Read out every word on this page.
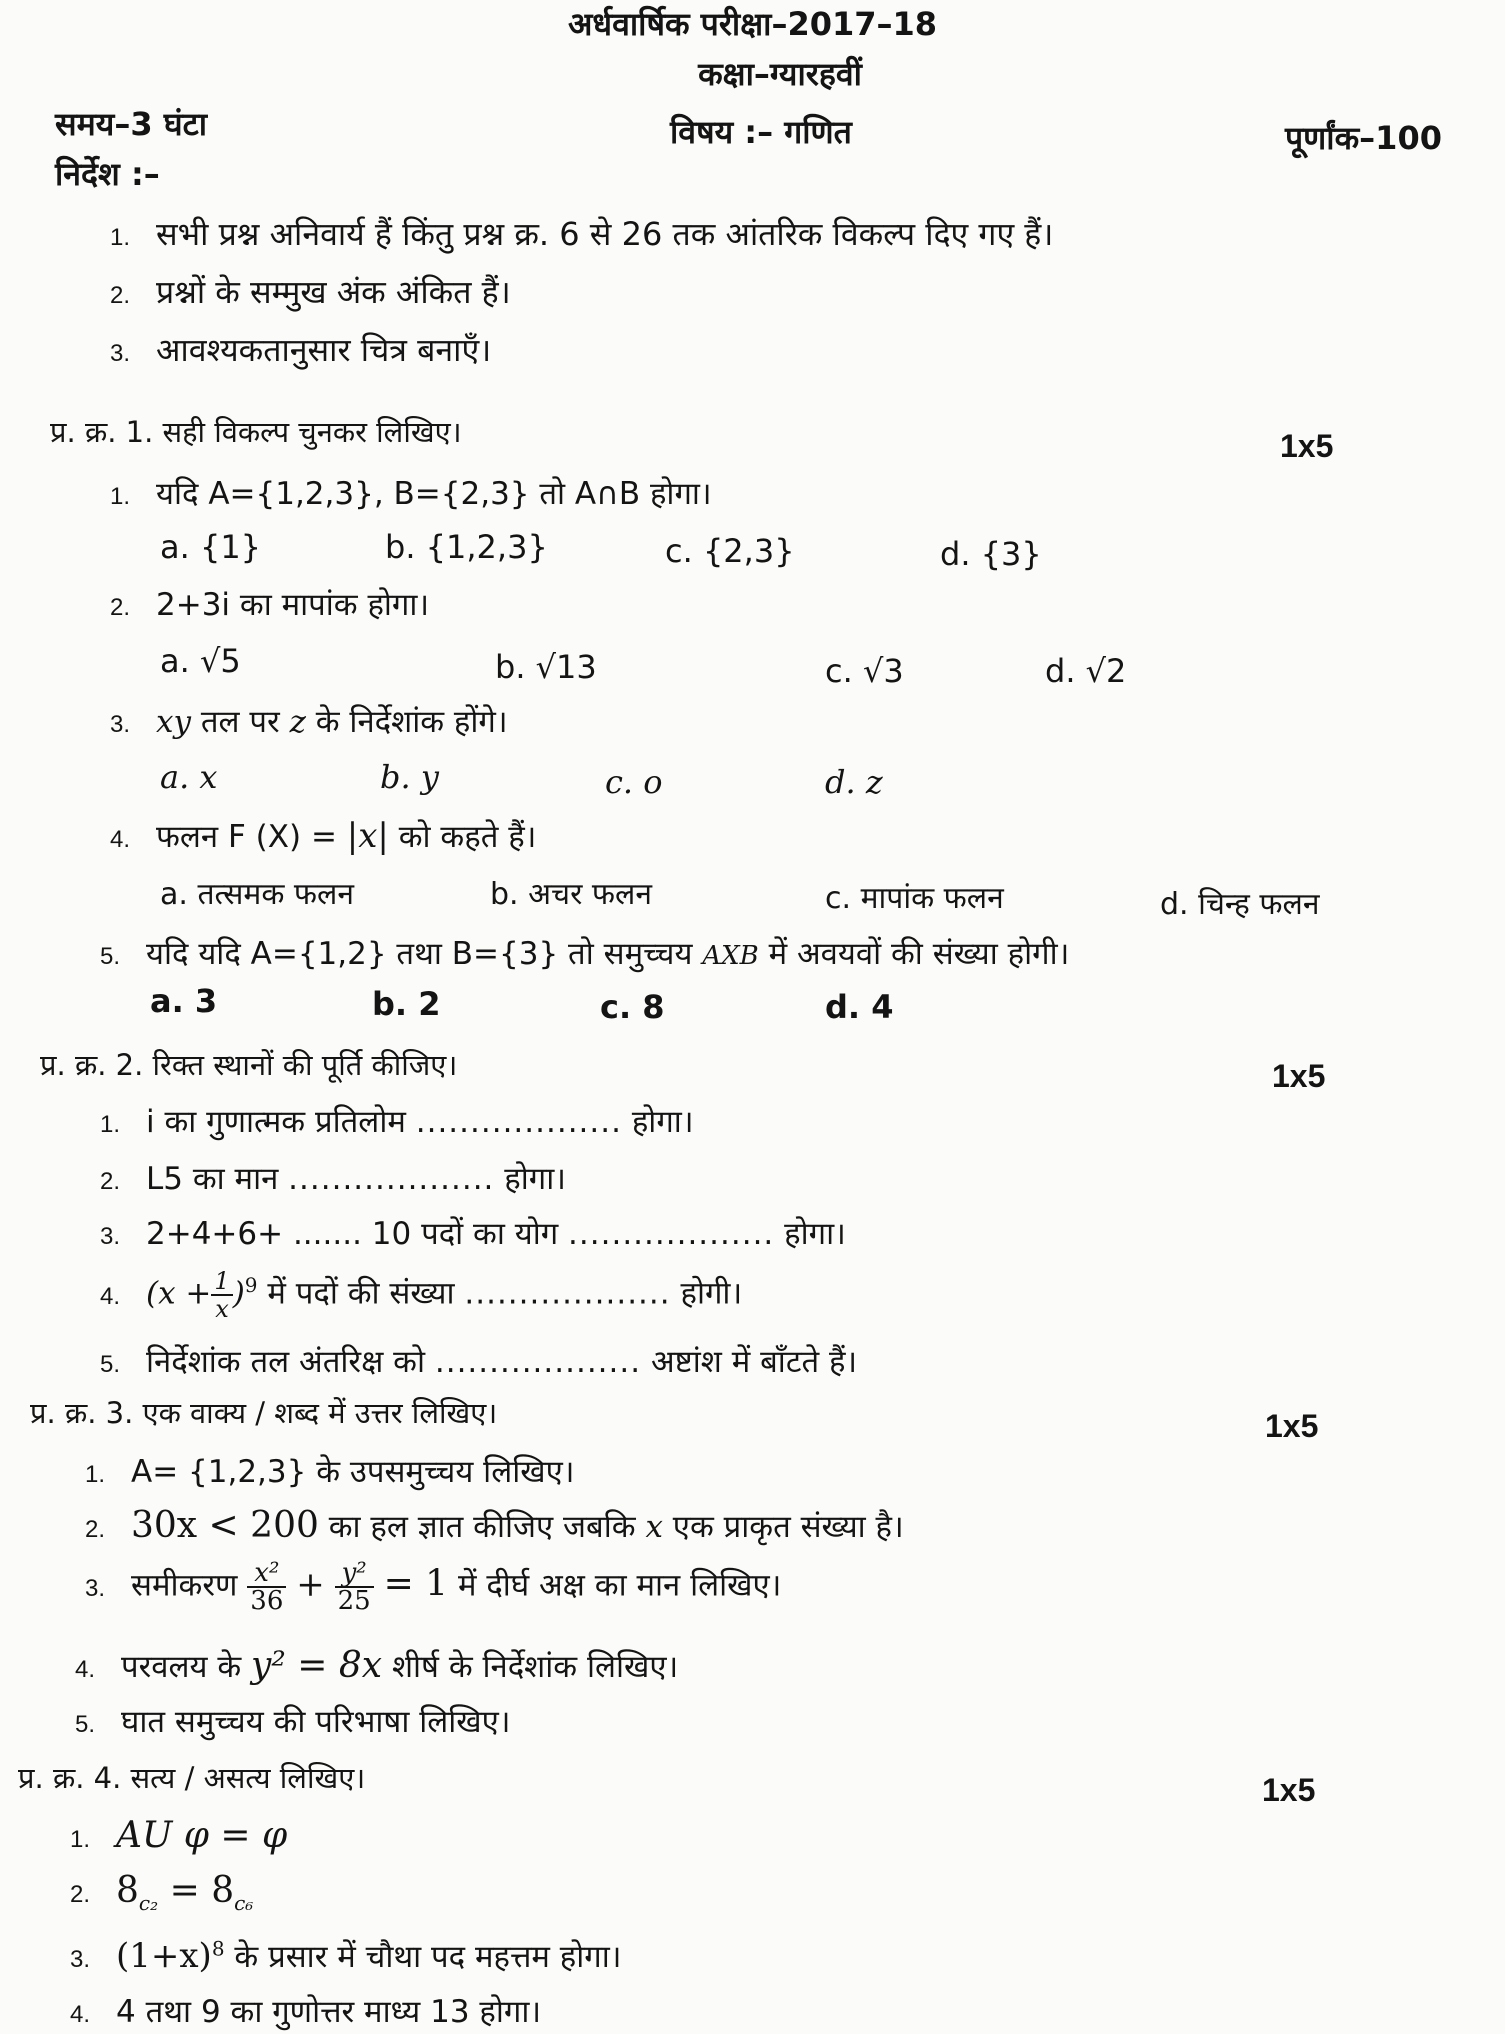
अर्धवार्षिक परीक्षा–2017–18
कक्षा–ग्यारहवीं
समय–3 घंटा	विषय :– गणित	पूर्णांक–100
निर्देश :–
1. सभी प्रश्न अनिवार्य हैं किंतु प्रश्न क्र. 6 से 26 तक आंतरिक विकल्प दिए गए हैं।
2. प्रश्नों के सम्मुख अंक अंकित हैं।
3. आवश्यकतानुसार चित्र बनाएँ।
प्र. क्र. 1. सही विकल्प चुनकर लिखिए।	1x5
1. यदि A={1,2,3}, B={2,3} तो A∩B होगा।
a. {1}	b. {1,2,3}	c. {2,3}	d. {3}
2. 2+3i का मापांक होगा।
a. √5	b. √13	c. √3	d. √2
3. xy तल पर z के निर्देशांक होंगे।
a. x	b. y	c. o	d. z
4. फलन F (X) = |x| को कहते हैं।
a. तत्समक फलन	b. अचर फलन	c. मापांक फलन	d. चिन्ह फलन
5. यदि यदि A={1,2} तथा B={3} तो समुच्चय AXB में अवयवों की संख्या होगी।
a. 3	b. 2	c. 8	d. 4
प्र. क्र. 2. रिक्त स्थानों की पूर्ति कीजिए।	1x5
1. i का गुणात्मक प्रतिलोम ................... होगा।
2. L5 का मान ................... होगा।
3. 2+4+6+ ....... 10 पदों का योग ................... होगा।
4. $(x + \frac{1}{x} )^9$ में पदों की संख्या ................... होगी।
5. निर्देशांक तल अंतरिक्ष को ................... अष्टांश में बाँटते हैं।
प्र. क्र. 3. एक वाक्य / शब्द में उत्तर लिखिए।	1x5
1. A= {1,2,3} के उपसमुच्चय लिखिए।
2. 30x < 200 का हल ज्ञात कीजिए जबकि x एक प्राकृत संख्या है।
3. समीकरण $\frac{\text{x²}}{36} + \frac{\text{y²}}{25} = 1$ में दीर्घ अक्ष का मान लिखिए।
4. परवलय के y² = 8x शीर्ष के निर्देशांक लिखिए।
5. घात समुच्चय की परिभाषा लिखिए।
प्र. क्र. 4. सत्य / असत्य लिखिए।	1x5
1. AU φ = φ
2. $8_{c_2} = 8_{c_6}$
3. $(1+x)^8$ के प्रसार में चौथा पद महत्तम होगा।
4. 4 तथा 9 का गुणोत्तर माध्य 13 होगा।
